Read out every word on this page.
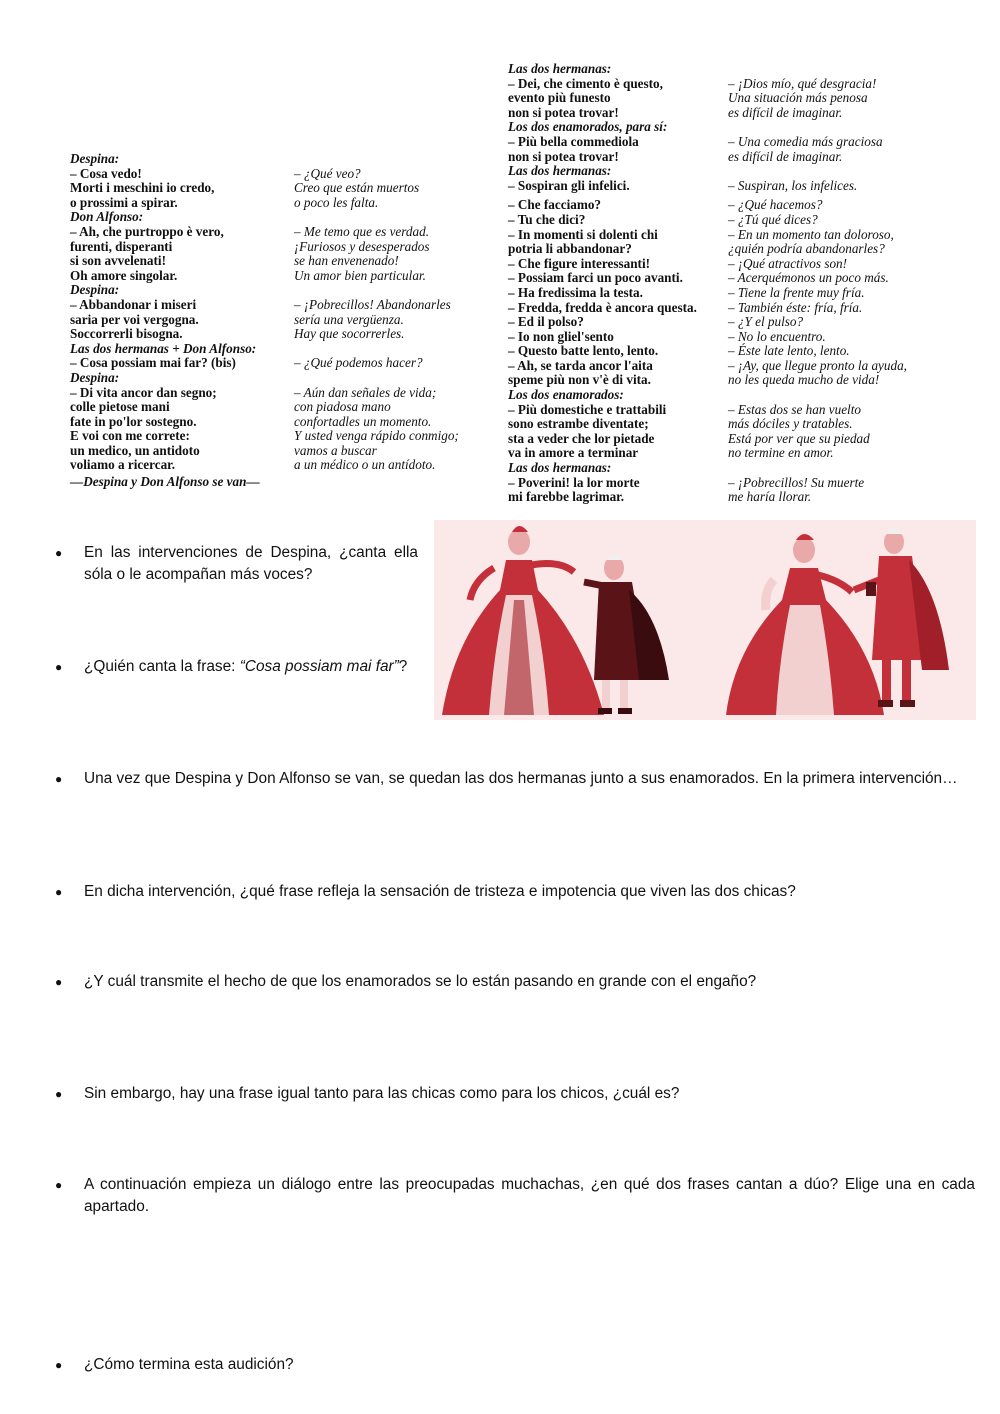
Despina:
– Cosa vedo!	– ¿Qué veo?
Morti i meschini io credo,	Creo que están muertos
o prossimi a spirar.	o poco les falta.
Don Alfonso:
– Ah, che purtroppo è vero,	– Me temo que es verdad.
furenti, disperanti	¡Furiosos y desesperados
si son avvelenati!	se han envenenado!
Oh amore singolar.	Un amor bien particular.
Despina:
– Abbandonar i miseri	– ¡Pobrecillos! Abandonarles
saria per voi vergogna.	sería una vergüenza.
Soccorrerli bisogna.	Hay que socorrerles.
Las dos hermanas + Don Alfonso:
– Cosa possiam mai far? (bis)	– ¿Qué podemos hacer?
Despina:
– Di vita ancor dan segno;	– Aún dan señales de vida;
colle pietose mani	con piadosa mano
fate in po'lor sostegno.	confortadles un momento.
E voi con me correte:	Y usted venga rápido conmigo;
un medico, un antidoto	vamos a buscar
voliamo a ricercar.	a un médico o un antídoto.
—Despina y Don Alfonso se van—
Las dos hermanas:
– Dei, che cimento è questo,	– ¡Dios mío, qué desgracia!
evento più funesto	Una situación más penosa
non si potea trovar!	es difícil de imaginar.
Los dos enamorados, para sí:
– Più bella commediola	– Una comedia más graciosa
non si potea trovar!	es difícil de imaginar.
Las dos hermanas:
– Sospiran gli infelici.	– Suspiran, los infelices.
– Che facciamo?	– ¿Qué hacemos?
– Tu che dici?	– ¿Tú qué dices?
– In momenti si dolenti chi	– En un momento tan doloroso,
potria li abbandonar?	¿quién podría abandonarles?
– Che figure interessanti!	– ¡Qué atractivos son!
– Possiam farci un poco avanti.	– Acerquémonos un poco más.
– Ha fredissima la testa.	– Tiene la frente muy fría.
– Fredda, fredda è ancora questa. – También éste: fría, fría.
– Ed il polso?	– ¿Y el pulso?
– Io non gliel'sento	– No lo encuentro.
– Questo batte lento, lento.	– Éste late lento, lento.
– Ah, se tarda ancor l'aita	– ¡Ay, que llegue pronto la ayuda,
speme più non v'è di vita.	no les queda mucho de vida!
Los dos enamorados:
– Più domestiche e trattabili	– Estas dos se han vuelto
sono estrambe diventate;	más dóciles y tratables.
sta a veder che lor pietade	Está por ver que su piedad
va in amore a terminar	no termine en amor.
Las dos hermanas:
– Poverini! la lor morte	– ¡Pobrecillos! Su muerte
mi farebbe lagrimar.	me haría llorar.
● En las intervenciones de Despina, ¿canta ella sóla o le acompañan más voces?
● ¿Quién canta la frase: “Cosa possiam mai far”?
● Una vez que Despina y Don Alfonso se van, se quedan las dos hermanas junto a sus enamorados. En la primera intervención…
● En dicha intervención, ¿qué frase refleja la sensación de tristeza e impotencia que viven las dos chicas?
● ¿Y cuál transmite el hecho de que los enamorados se lo están pasando en grande con el engaño?
● Sin embargo, hay una frase igual tanto para las chicas como para los chicos, ¿cuál es?
● A continuación empieza un diálogo entre las preocupadas muchachas, ¿en qué dos frases cantan a dúo? Elige una en cada apartado.
● ¿Cómo termina esta audición?
